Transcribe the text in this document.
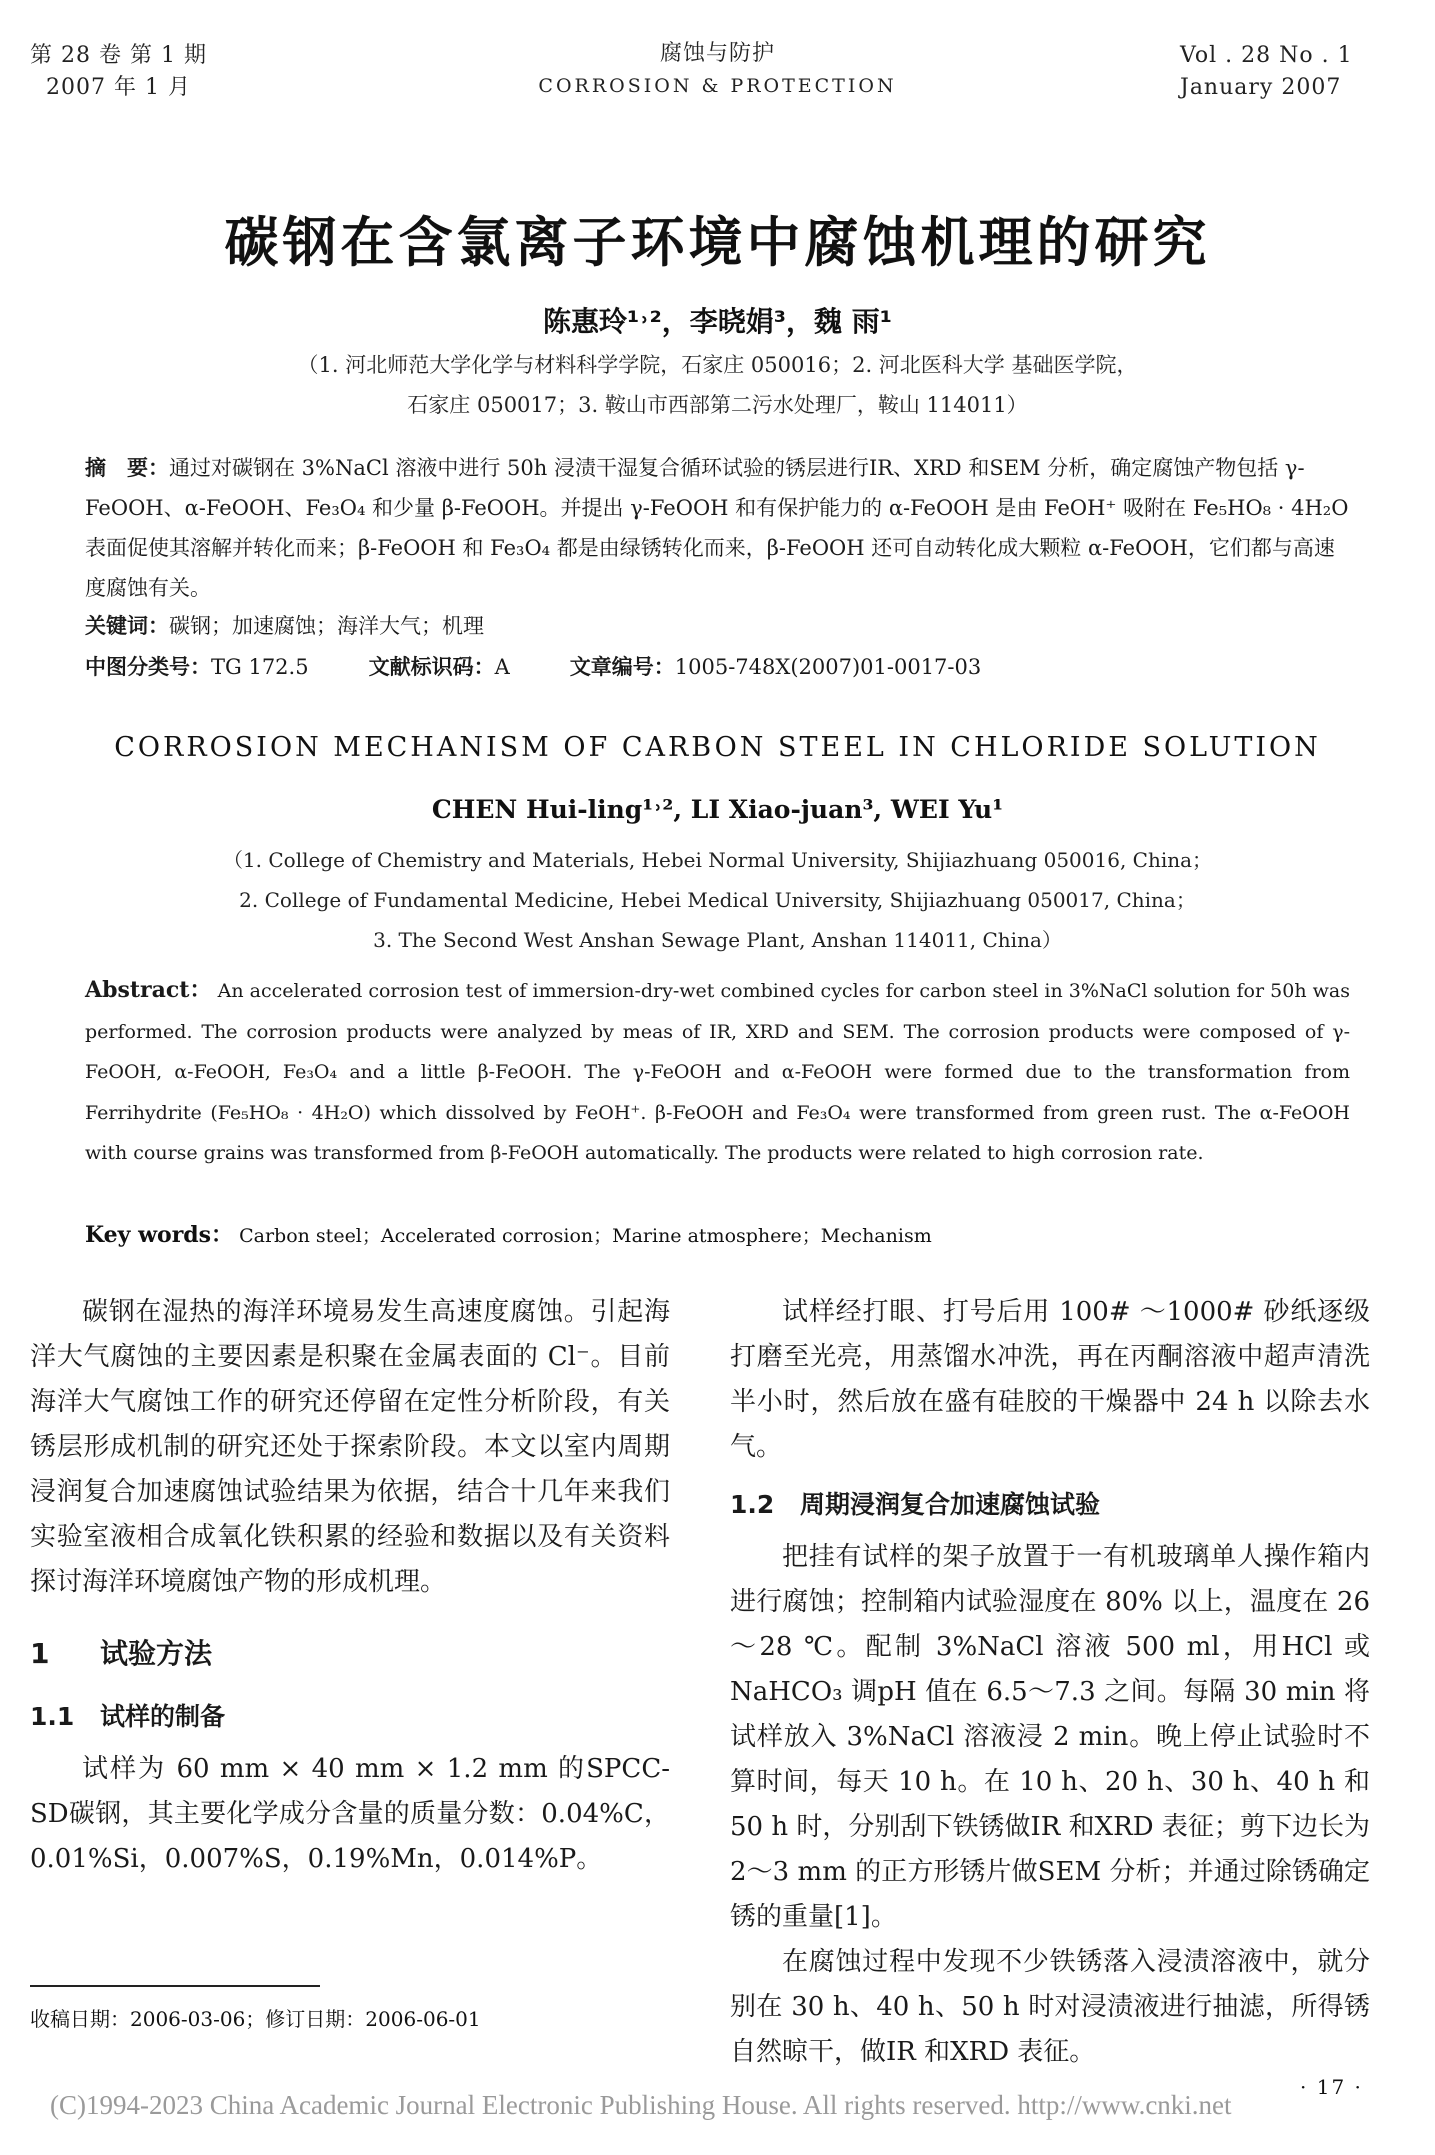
第 28 卷 第 1 期
2007 年 1 月
腐蚀与防护
CORROSION & PROTECTION
Vol . 28 No . 1
January 2007
碳钢在含氯离子环境中腐蚀机理的研究
陈惠玲¹˒²，李晓娟³，魏 雨¹
（1. 河北师范大学化学与材料科学学院，石家庄 050016；2. 河北医科大学 基础医学院，
石家庄 050017；3. 鞍山市西部第二污水处理厂，鞍山 114011）
摘　要：通过对碳钢在 3%NaCl 溶液中进行 50h 浸渍干湿复合循环试验的锈层进行IR、XRD 和SEM 分析，确定腐蚀产物包括 γ-FeOOH、α-FeOOH、Fe₃O₄ 和少量 β-FeOOH。并提出 γ-FeOOH 和有保护能力的 α-FeOOH 是由 FeOH⁺ 吸附在 Fe₅HO₈ · 4H₂O 表面促使其溶解并转化而来；β-FeOOH 和 Fe₃O₄ 都是由绿锈转化而来，β-FeOOH 还可自动转化成大颗粒 α-FeOOH，它们都与高速度腐蚀有关。
关键词：碳钢；加速腐蚀；海洋大气；机理
中图分类号：TG 172.5	文献标识码：A	文章编号：1005-748X(2007)01-0017-03
CORROSION MECHANISM OF CARBON STEEL IN CHLORIDE SOLUTION
CHEN Hui-ling¹˒², LI Xiao-juan³, WEI Yu¹
（1. College of Chemistry and Materials, Hebei Normal University, Shijiazhuang 050016, China；
2. College of Fundamental Medicine, Hebei Medical University, Shijiazhuang 050017, China；
3. The Second West Anshan Sewage Plant, Anshan 114011, China）
Abstract： An accelerated corrosion test of immersion-dry-wet combined cycles for carbon steel in 3%NaCl solution for 50h was performed. The corrosion products were analyzed by meas of IR, XRD and SEM. The corrosion products were composed of γ-FeOOH, α-FeOOH, Fe₃O₄ and a little β-FeOOH. The γ-FeOOH and α-FeOOH were formed due to the transformation from Ferrihydrite (Fe₅HO₈ · 4H₂O) which dissolved by FeOH⁺. β-FeOOH and Fe₃O₄ were transformed from green rust. The α-FeOOH with course grains was transformed from β-FeOOH automatically. The products were related to high corrosion rate.
Key words： Carbon steel；Accelerated corrosion；Marine atmosphere；Mechanism

碳钢在湿热的海洋环境易发生高速度腐蚀。引起海洋大气腐蚀的主要因素是积聚在金属表面的 Cl⁻。目前海洋大气腐蚀工作的研究还停留在定性分析阶段，有关锈层形成机制的研究还处于探索阶段。本文以室内周期浸润复合加速腐蚀试验结果为依据，结合十几年来我们实验室液相合成氧化铁积累的经验和数据以及有关资料探讨海洋环境腐蚀产物的形成机理。

1 试验方法
1.1 试样的制备

试样为 60 mm × 40 mm × 1.2 mm 的SPCC-SD碳钢，其主要化学成分含量的质量分数：0.04%C，0.01%Si，0.007%S，0.19%Mn，0.014%P。

试样经打眼、打号后用 100# ～1000# 砂纸逐级打磨至光亮，用蒸馏水冲洗，再在丙酮溶液中超声清洗半小时，然后放在盛有硅胶的干燥器中 24 h 以除去水气。

1.2 周期浸润复合加速腐蚀试验

把挂有试样的架子放置于一有机玻璃单人操作箱内进行腐蚀；控制箱内试验湿度在 80% 以上，温度在 26～28 ℃。配制 3%NaCl 溶液 500 ml，用HCl 或NaHCO₃ 调pH 值在 6.5～7.3 之间。每隔 30 min 将试样放入 3%NaCl 溶液浸 2 min。晚上停止试验时不算时间，每天 10 h。在 10 h、20 h、30 h、40 h 和 50 h 时，分别刮下铁锈做IR 和XRD 表征；剪下边长为 2～3 mm 的正方形锈片做SEM 分析；并通过除锈确定锈的重量[1]。

在腐蚀过程中发现不少铁锈落入浸渍溶液中，就分别在 30 h、40 h、50 h 时对浸渍液进行抽滤，所得锈自然晾干，做IR 和XRD 表征。

收稿日期：2006-03-06；修订日期：2006-06-01
· 17 ·
(C)1994-2023 China Academic Journal Electronic Publishing House. All rights reserved. http://www.cnki.net
